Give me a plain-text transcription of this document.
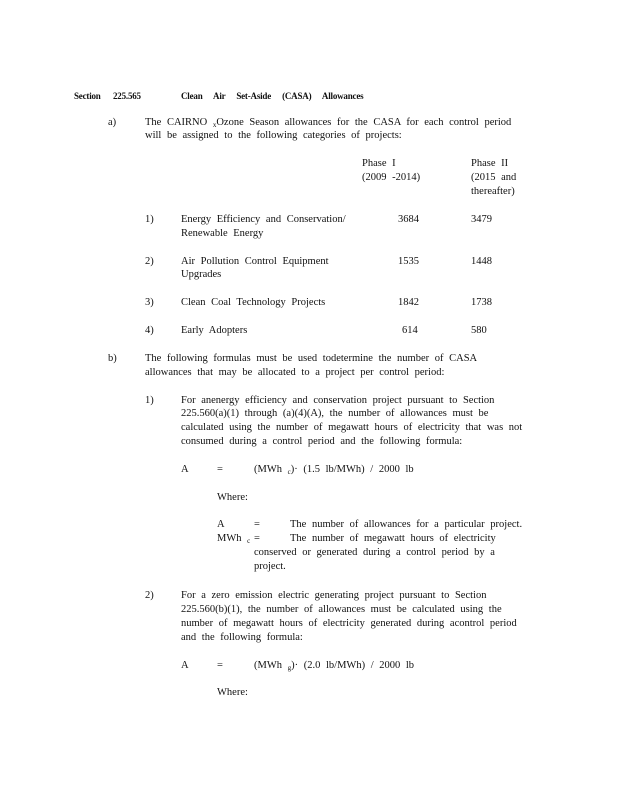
Section 225.565	Clean Air Set-Aside (CASA) Allowances
a)	The CAIRNO $_x$Ozone Season allowances for the CASA for each control period
will be assigned to the following categories of projects:
Phase I
(2009 -2014)
Phase II
(2015 and
thereafter)
1)	Energy Efficiency and Conservation/
Renewable Energy
3684	3479
2)	Air Pollution Control Equipment
Upgrades
1535	1448
3)	Clean Coal Technology Projects	1842	1738
4)	Early Adopters	614	580
b)	The following formulas must be used todetermine the number of CASA
allowances that may be allocated to a project per control period:
1)	For anenergy efficiency and conservation project pursuant to Section
225.560(a)(1) through (a)(4)(A), the number of allowances must be
calculated using the number of megawatt hours of electricity that was not
consumed during a control period and the following formula:
A	=	(MWh $_c$)· (1.5 lb/MWh) / 2000 lb
Where:
A	=	The number of allowances for a particular project.
MWh $_c$ =	The number of megawatt hours of electricity
conserved or generated during a control period by a
project.
2)	For a zero emission electric generating project pursuant to Section
225.560(b)(1), the number of allowances must be calculated using the
number of megawatt hours of electricity generated during acontrol period
and the following formula:
A	=	(MWh $_g$)· (2.0 lb/MWh) / 2000 lb
Where:
